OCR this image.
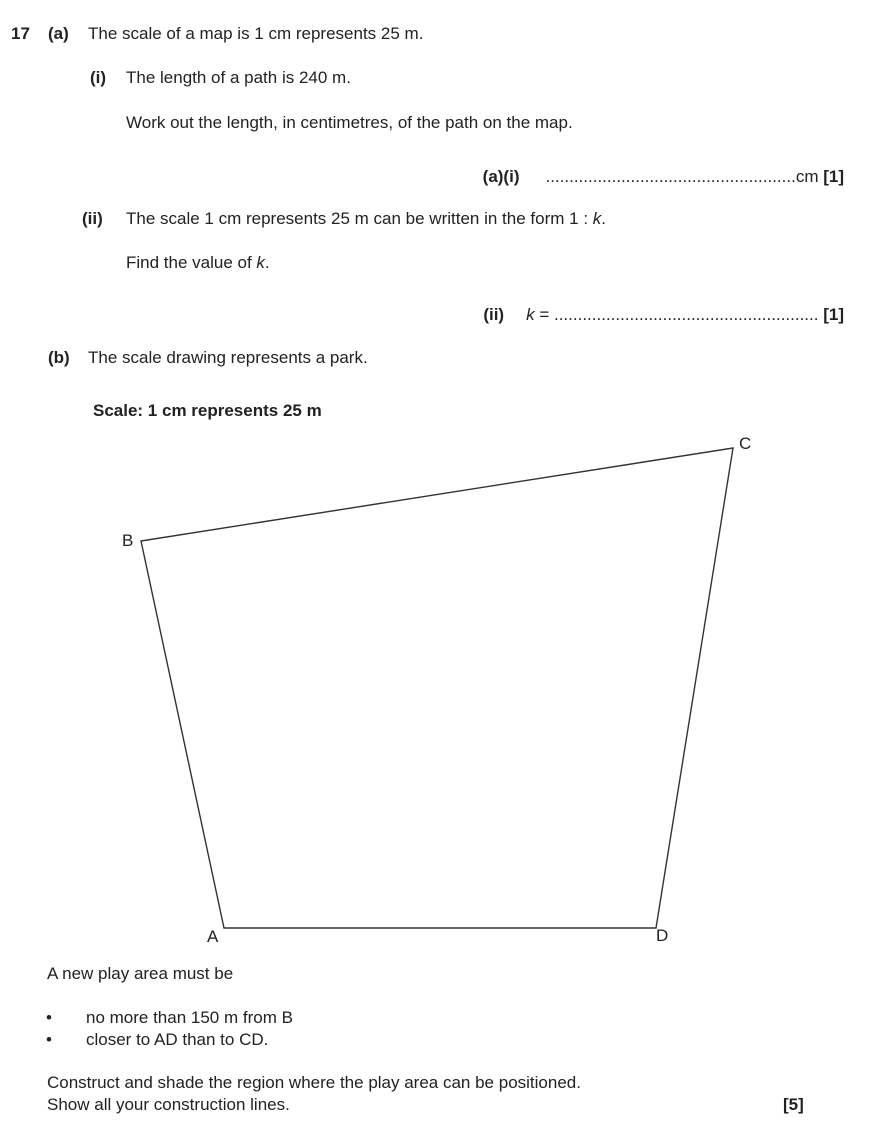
17 (a) The scale of a map is 1 cm represents 25 m.
(i) The length of a path is 240 m.
Work out the length, in centimetres, of the path on the map.
(a)(i) .....................................................cm [1]
(ii) The scale 1 cm represents 25 m can be written in the form 1 : k.
Find the value of k.
(ii) k = ........................................................ [1]
(b) The scale drawing represents a park.
Scale: 1 cm represents 25 m
A
B
C
D
A new play area must be
• no more than 150 m from B
• closer to AD than to CD.
Construct and shade the region where the play area can be positioned.
Show all your construction lines.	[5]
